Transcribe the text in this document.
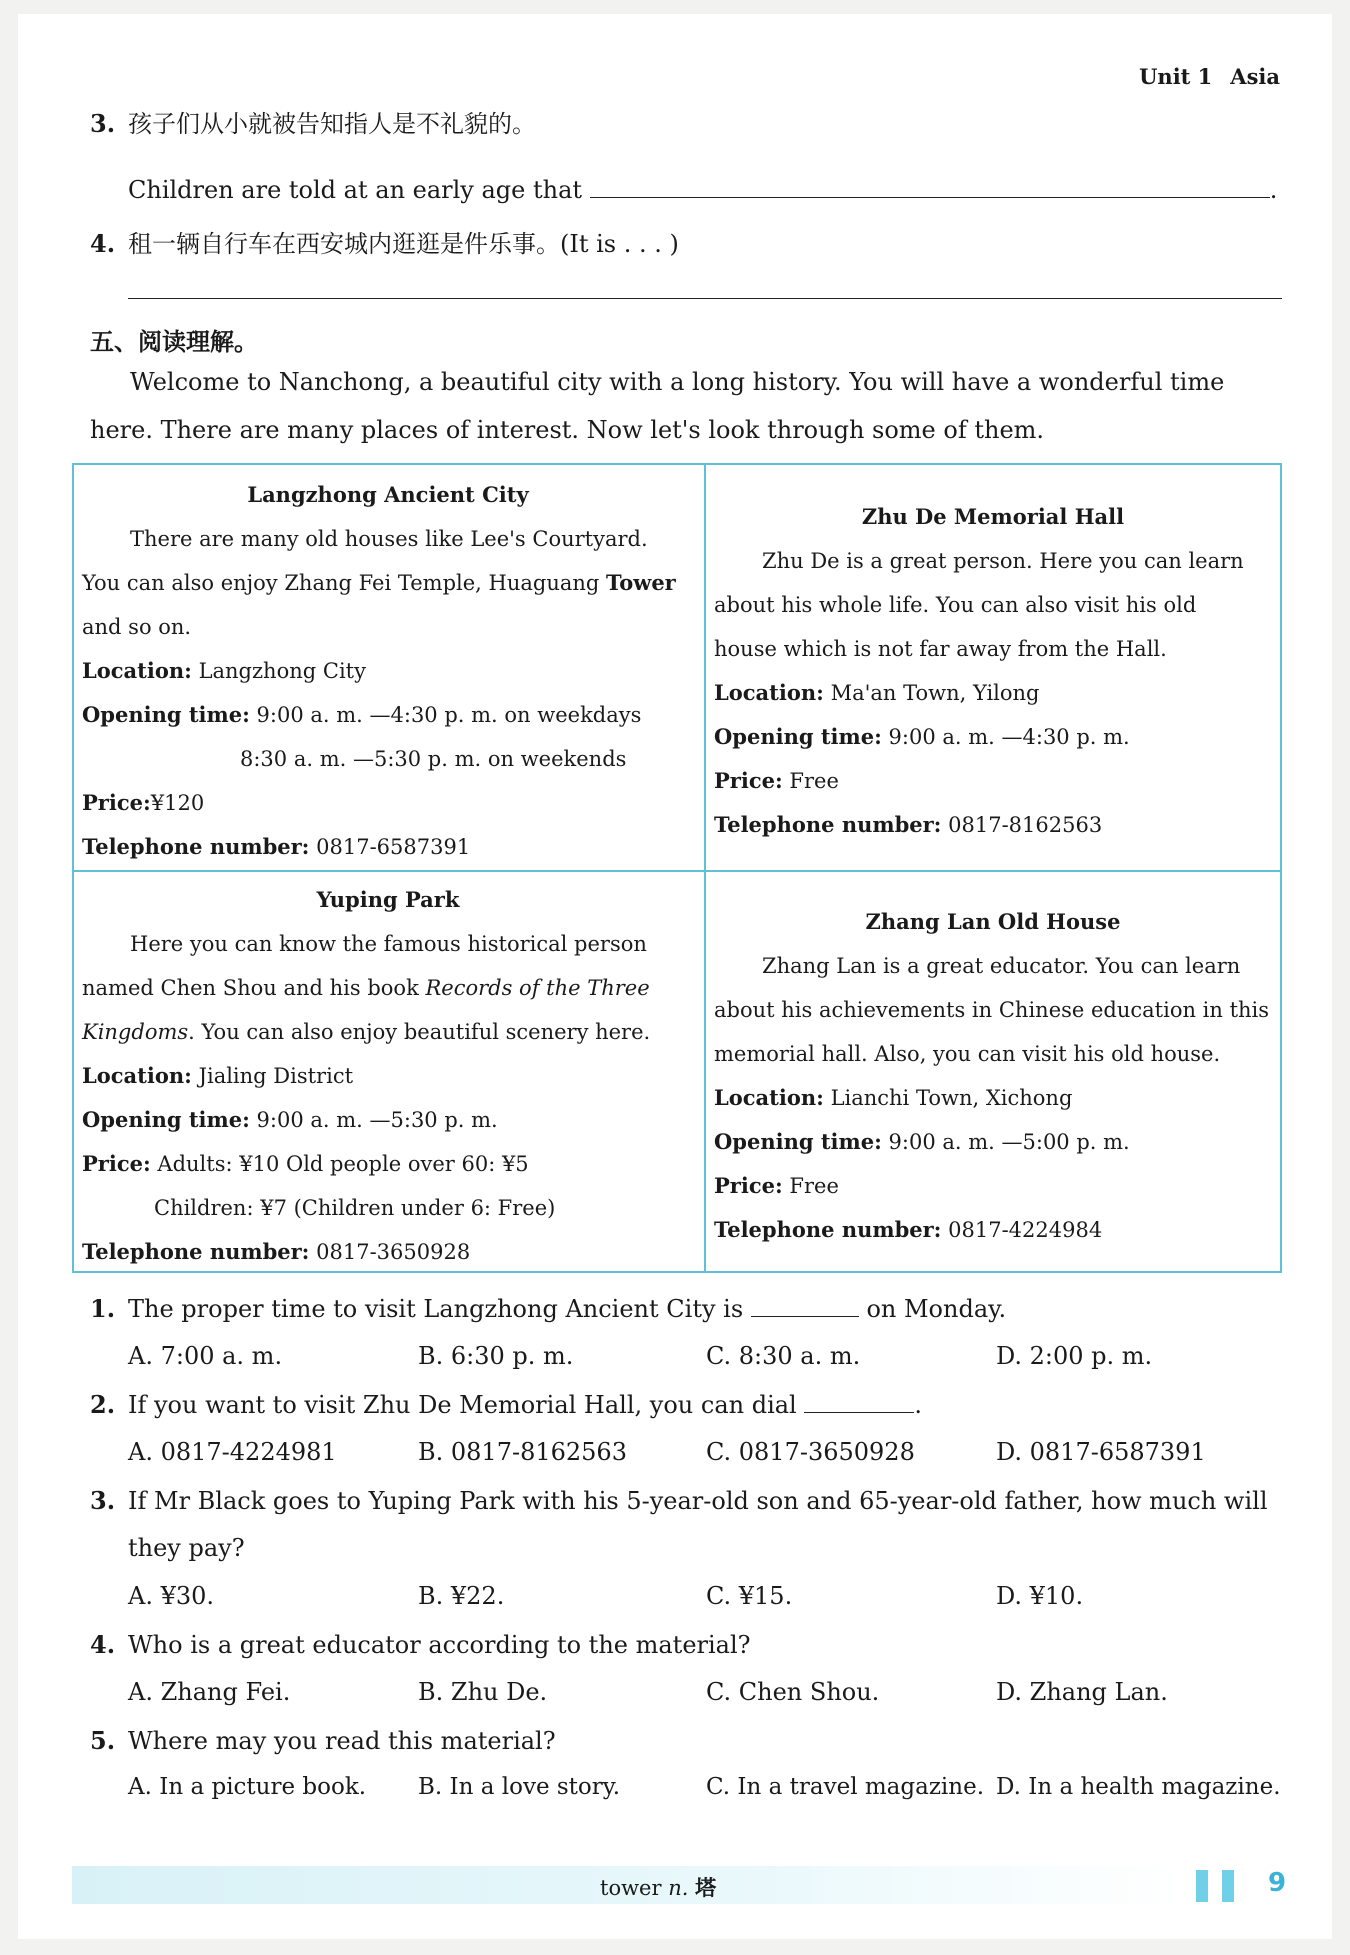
Unit 1 Asia
3. 孩子们从小就被告知指人是不礼貌的。
Children are told at an early age that	.
4. 租一辆自行车在西安城内逛逛是件乐事。(It is . . . )
五、阅读理解。
Welcome to Nanchong, a beautiful city with a long history. You will have a wonderful time
here. There are many places of interest. Now let's look through some of them.
Langzhong Ancient City
There are many old houses like Lee's Courtyard.
You can also enjoy Zhang Fei Temple, Huaguang Tower
and so on.
Location: Langzhong City
Opening time: 9:00 a. m. —4:30 p. m. on weekdays
8:30 a. m. —5:30 p. m. on weekends
Price:¥120
Telephone number: 0817-6587391
Zhu De Memorial Hall
Zhu De is a great person. Here you can learn
about his whole life. You can also visit his old
house which is not far away from the Hall.
Location: Ma'an Town, Yilong
Opening time: 9:00 a. m. —4:30 p. m.
Price: Free
Telephone number: 0817-8162563
Yuping Park
Here you can know the famous historical person
named Chen Shou and his book Records of the Three
Kingdoms. You can also enjoy beautiful scenery here.
Location: Jialing District
Opening time: 9:00 a. m. —5:30 p. m.
Price: Adults: ¥10 Old people over 60: ¥5
Children: ¥7 (Children under 6: Free)
Telephone number: 0817-3650928
Zhang Lan Old House
Zhang Lan is a great educator. You can learn
about his achievements in Chinese education in this
memorial hall. Also, you can visit his old house.
Location: Lianchi Town, Xichong
Opening time: 9:00 a. m. —5:00 p. m.
Price: Free
Telephone number: 0817-4224984
1. The proper time to visit Langzhong Ancient City is	on Monday.
A. 7:00 a. m.	B. 6:30 p. m.	C. 8:30 a. m.	D. 2:00 p. m.
2. If you want to visit Zhu De Memorial Hall, you can dial	.
A. 0817-4224981	B. 0817-8162563	C. 0817-3650928	D. 0817-6587391
3. If Mr Black goes to Yuping Park with his 5-year-old son and 65-year-old father, how much will
they pay?
A. ¥30.	B. ¥22.	C. ¥15.	D. ¥10.
4. Who is a great educator according to the material?
A. Zhang Fei.	B. Zhu De.	C. Chen Shou.	D. Zhang Lan.
5. Where may you read this material?
A. In a picture book. B. In a love story.	C. In a travel magazine. D. In a health magazine.
tower n. 塔	9
